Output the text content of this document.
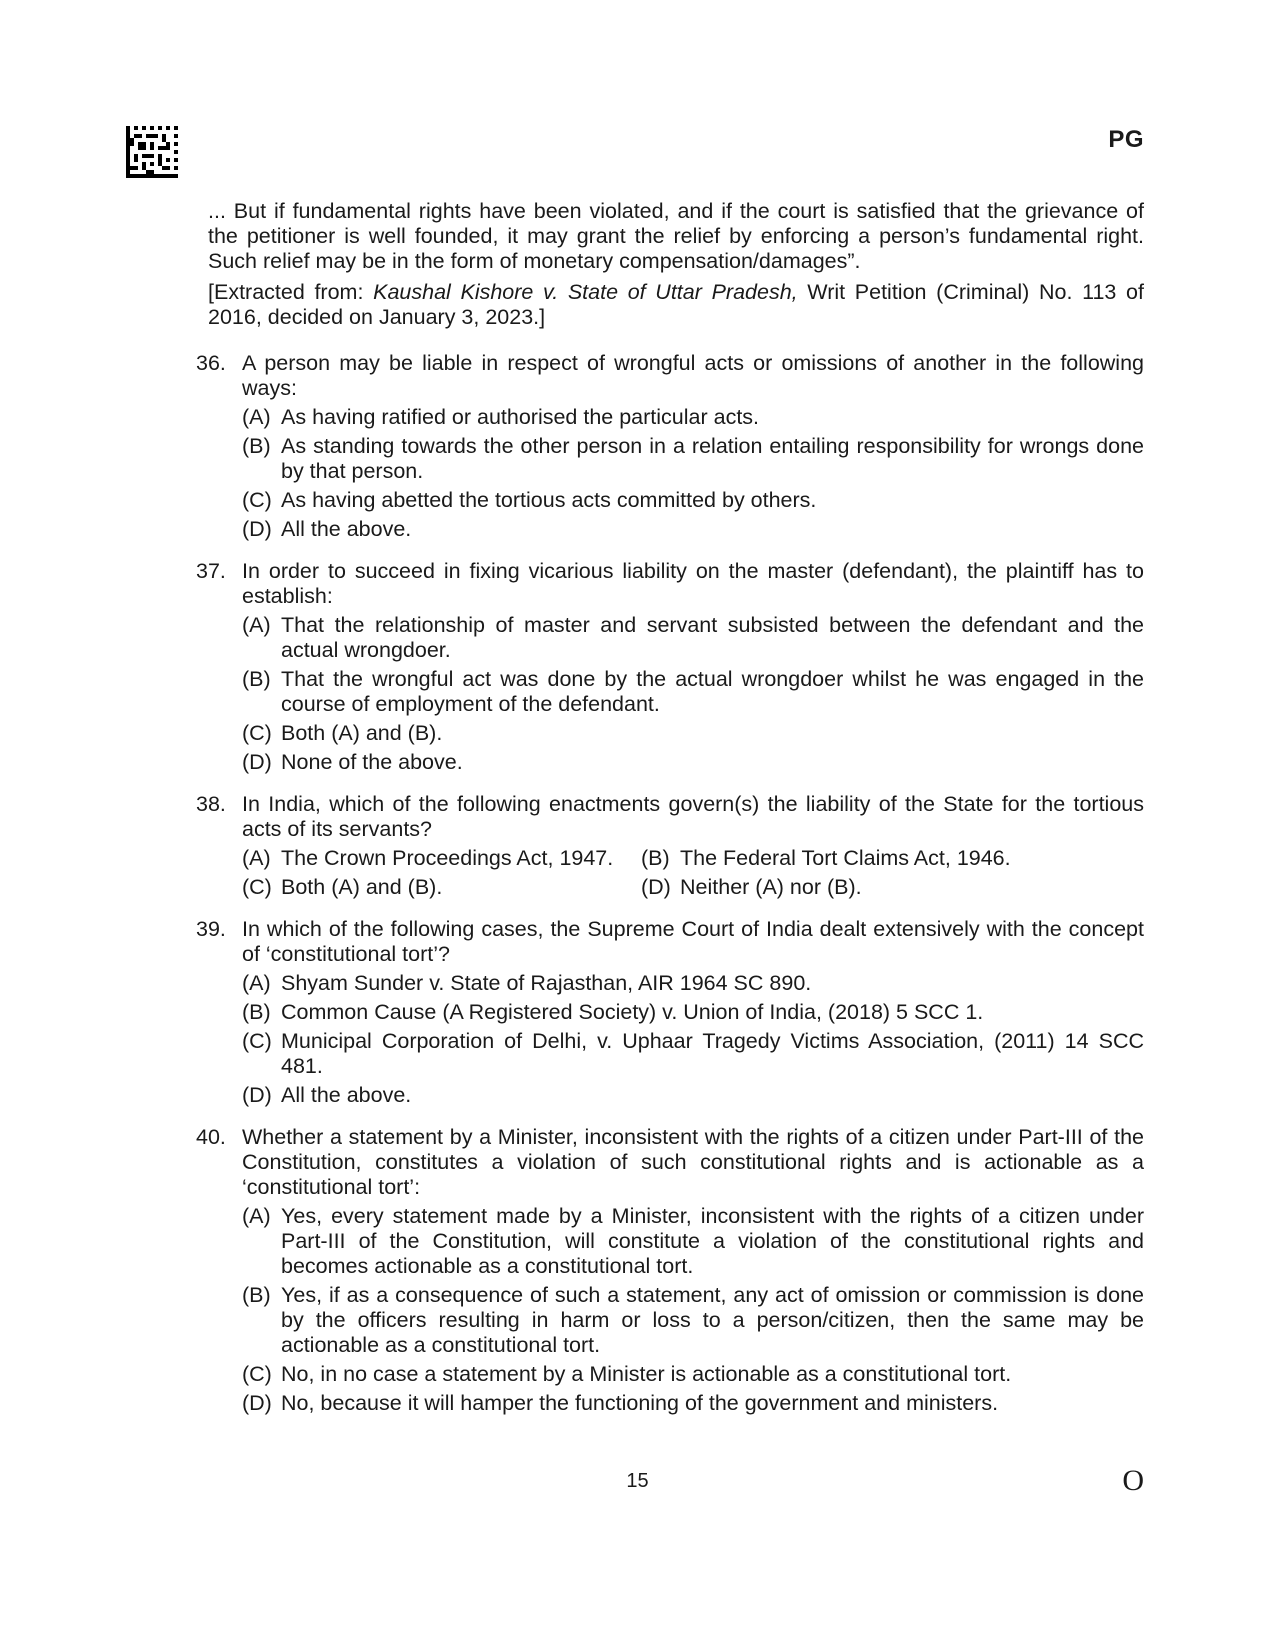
PG

... But if fundamental rights have been violated, and if the court is satisfied that the grievance of the petitioner is well founded, it may grant the relief by enforcing a person’s fundamental right. Such relief may be in the form of monetary compensation/damages”.

[Extracted from: Kaushal Kishore v. State of Uttar Pradesh, Writ Petition (Criminal) No. 113 of 2016, decided on January 3, 2023.]

36. A person may be liable in respect of wrongful acts or omissions of another in the following ways:
(A) As having ratified or authorised the particular acts.
(B) As standing towards the other person in a relation entailing responsibility for wrongs done by that person.
(C) As having abetted the tortious acts committed by others.
(D) All the above.
37. In order to succeed in fixing vicarious liability on the master (defendant), the plaintiff has to establish:
(A) That the relationship of master and servant subsisted between the defendant and the actual wrongdoer.
(B) That the wrongful act was done by the actual wrongdoer whilst he was engaged in the course of employment of the defendant.
(C) Both (A) and (B).
(D) None of the above.
38. In India, which of the following enactments govern(s) the liability of the State for the tortious acts of its servants?
(A) The Crown Proceedings Act, 1947.	(B) The Federal Tort Claims Act, 1946.
(C) Both (A) and (B).	(D) Neither (A) nor (B).
39. In which of the following cases, the Supreme Court of India dealt extensively with the concept of ‘constitutional tort’?
(A) Shyam Sunder v. State of Rajasthan, AIR 1964 SC 890.
(B) Common Cause (A Registered Society) v. Union of India, (2018) 5 SCC 1.
(C) Municipal Corporation of Delhi, v. Uphaar Tragedy Victims Association, (2011) 14 SCC 481.
(D) All the above.
40. Whether a statement by a Minister, inconsistent with the rights of a citizen under Part-III of the Constitution, constitutes a violation of such constitutional rights and is actionable as a ‘constitutional tort’:
(A) Yes, every statement made by a Minister, inconsistent with the rights of a citizen under Part-III of the Constitution, will constitute a violation of the constitutional rights and becomes actionable as a constitutional tort.
(B) Yes, if as a consequence of such a statement, any act of omission or commission is done by the officers resulting in harm or loss to a person/citizen, then the same may be actionable as a constitutional tort.
(C) No, in no case a statement by a Minister is actionable as a constitutional tort.
(D) No, because it will hamper the functioning of the government and ministers.
15	O
